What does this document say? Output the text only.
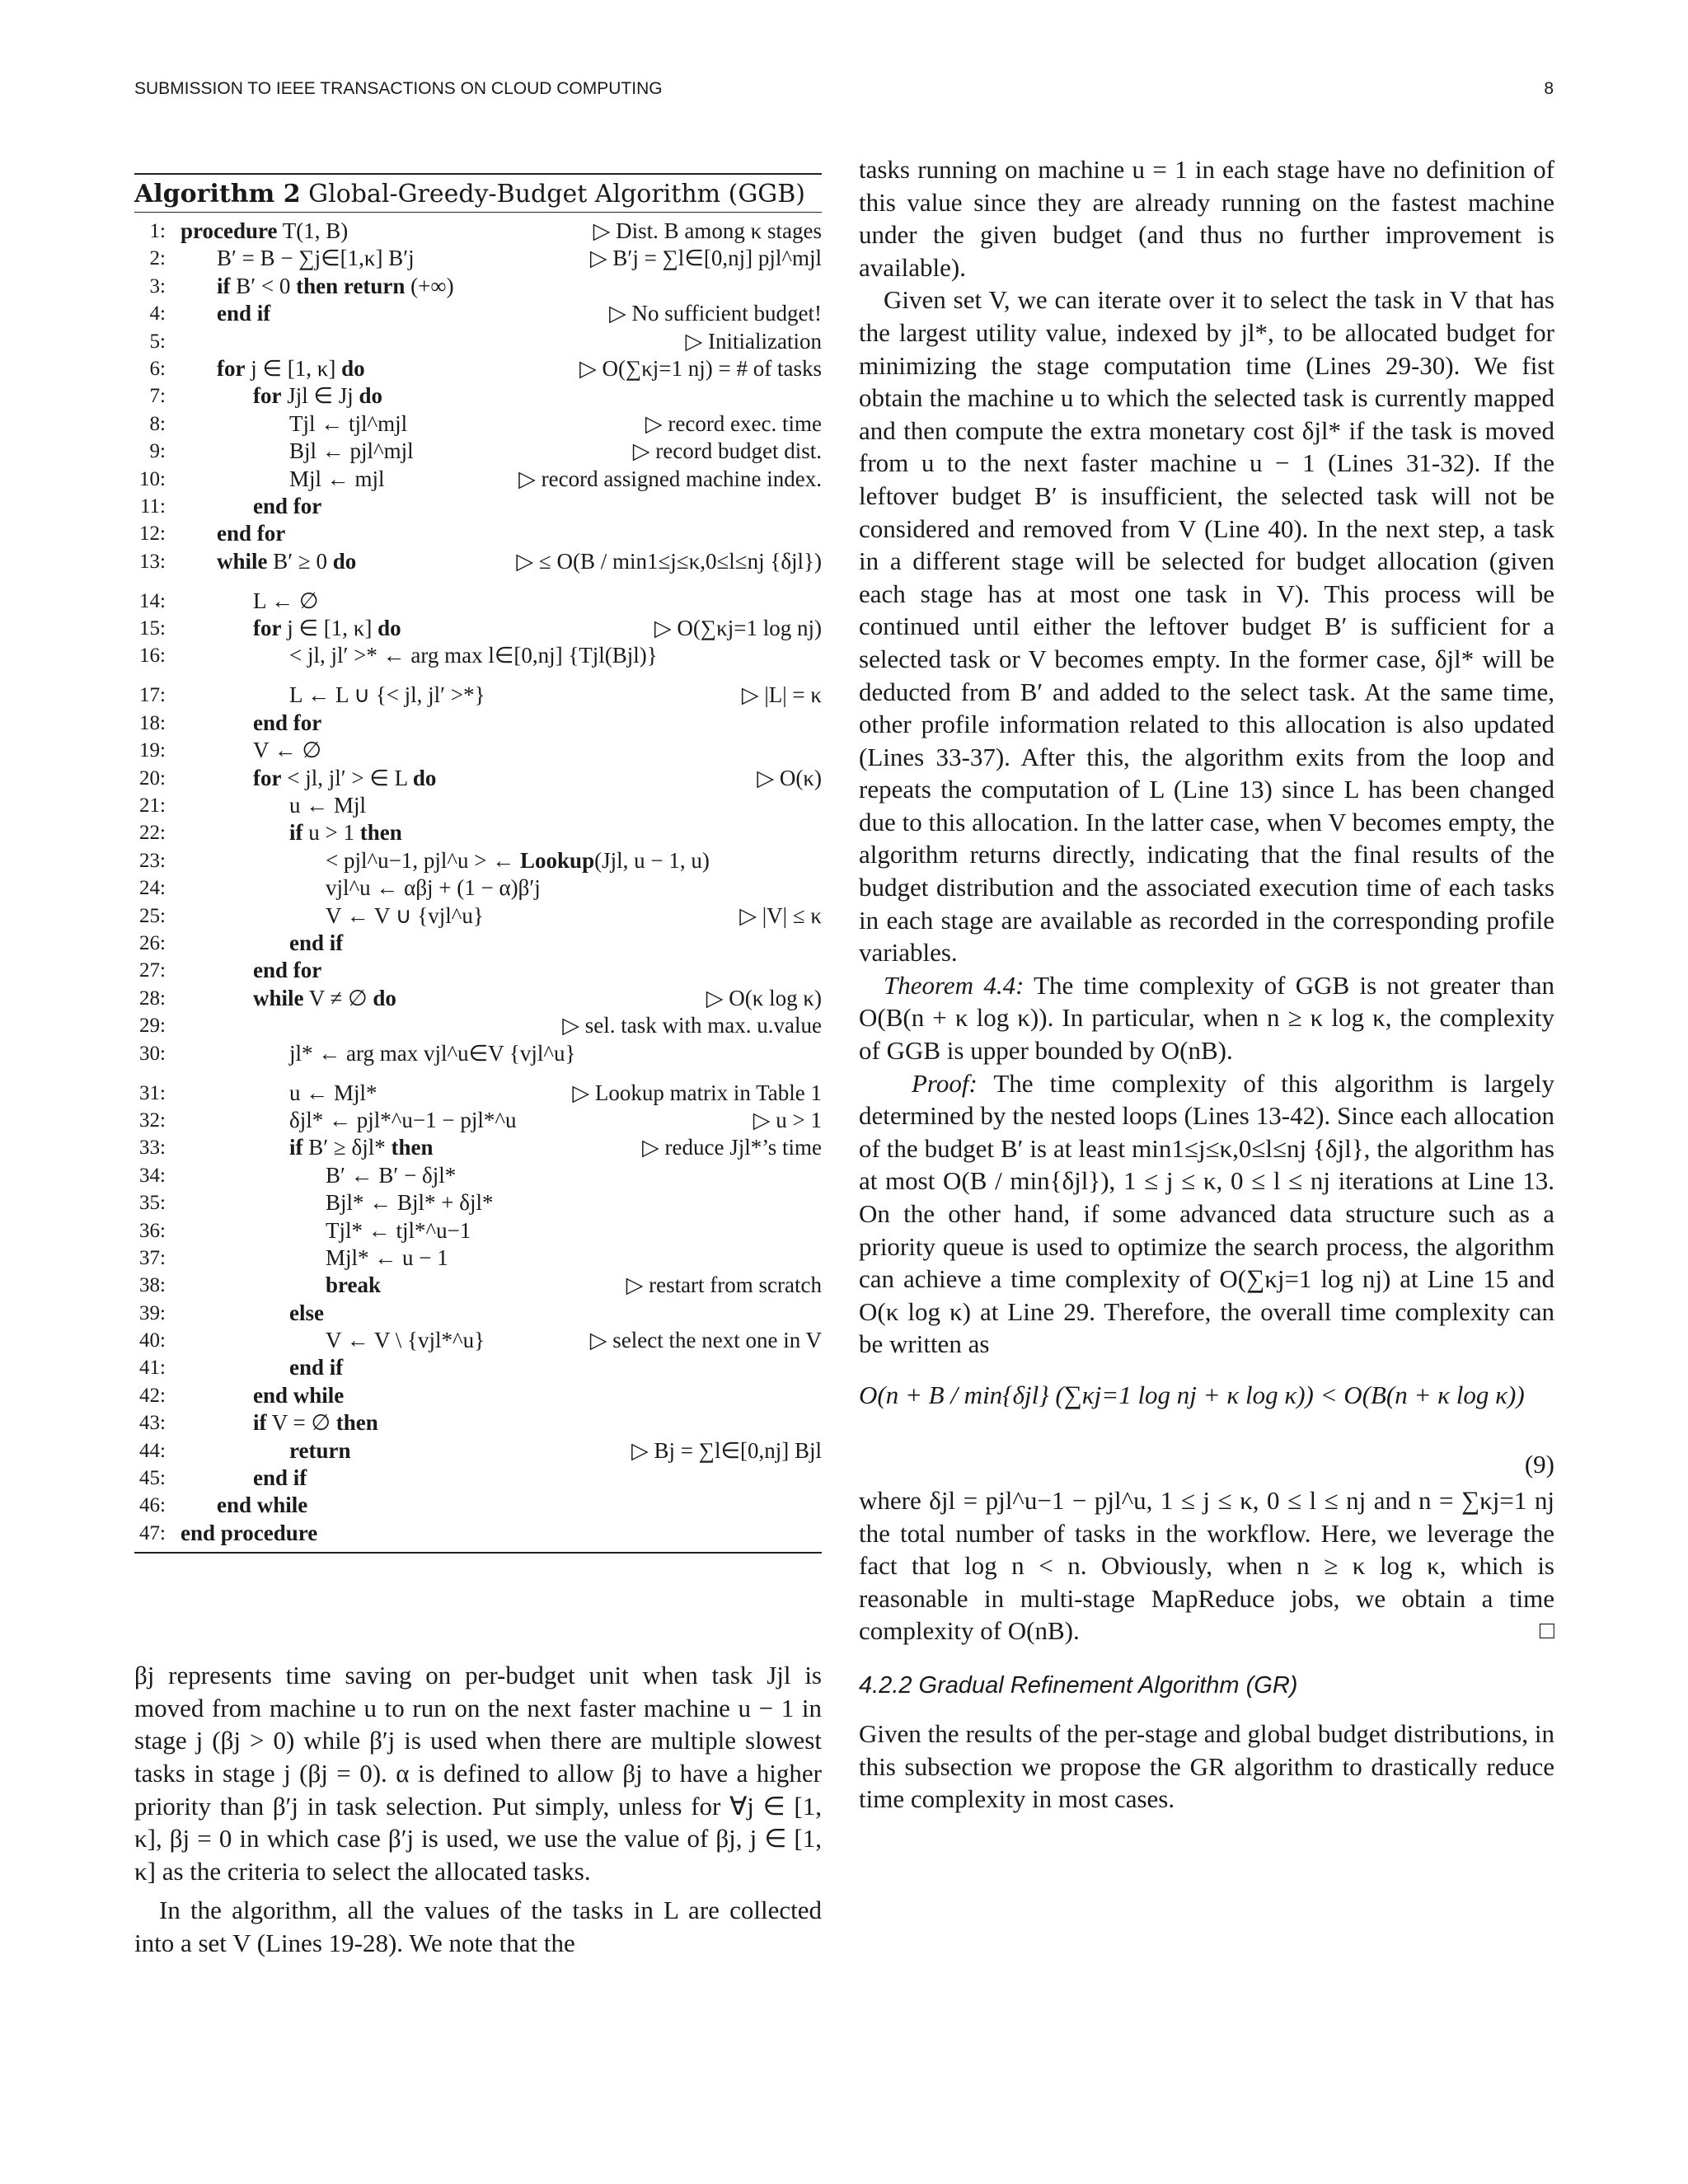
SUBMISSION TO IEEE TRANSACTIONS ON CLOUD COMPUTING	8
Algorithm 2 Global-Greedy-Budget Algorithm (GGB)
1: procedure T(1, B)	▷ Dist. B among κ stages
2: B′ = B − ∑j∈[1,κ] B′j	▷ B′j = ∑l∈[0,nj] pjl^mjl
3: if B′ < 0 then return (+∞)
4: end if	▷ No sufficient budget!
5:	▷ Initialization
6: for j ∈ [1, κ] do	▷ O(∑κj=1 nj) = # of tasks
7:	for Jjl ∈ Jj do
8:	Tjl ← tjl^mjl	▷ record exec. time
9:	Bjl ← pjl^mjl	▷ record budget dist.
10:	Mjl ← mjl	▷ record assigned machine index.
11:	end for
12: end for
13: while B′ ≥ 0 do	▷ ≤ O(B / min1≤j≤κ,0≤l≤nj {δjl})
14:	L ← ∅
15:	for j ∈ [1, κ] do	▷ O(∑κj=1 log nj)
16:	< jl, jl′ >* ← arg max l∈[0,nj] {Tjl(Bjl)}
17:	L ← L ∪ {< jl, jl′ >*}	▷ |L| = κ
18:	end for
19:	V ← ∅
20:	for < jl, jl′ > ∈ L do	▷ O(κ)
21:	u ← Mjl
22:	if u > 1 then
23:	< pjl^u−1, pjl^u > ← Lookup(Jjl, u − 1, u)
24:	vjl^u ← αβj + (1 − α)β′j
25:	V ← V ∪ {vjl^u}	▷ |V| ≤ κ
26:	end if
27:	end for
28:	while V ≠ ∅ do	▷ O(κ log κ)
29:	▷ sel. task with max. u.value
30:	jl* ← arg max vjl^u∈V {vjl^u}
31:	u ← Mjl*	▷ Lookup matrix in Table 1
32:	δjl* ← pjl*^u−1 − pjl*^u	▷ u > 1
33:	if B′ ≥ δjl* then	▷ reduce Jjl*’s time
34:	B′ ← B′ − δjl*
35:	Bjl* ← Bjl* + δjl*
36:	Tjl* ← tjl*^u−1
37:	Mjl* ← u − 1
38:	break	▷ restart from scratch
39:	else
40:	V ← V \ {vjl*^u}	▷ select the next one in V
41:	end if
42:	end while
43:	if V = ∅ then
44:	return	▷ Bj = ∑l∈[0,nj] Bjl
45:	end if
46: end while
47: end procedure

βj represents time saving on per-budget unit when task Jjl is moved from machine u to run on the next faster machine u − 1 in stage j (βj > 0) while β′j is used when there are multiple slowest tasks in stage j (βj = 0). α is defined to allow βj to have a higher priority than β′j in task selection. Put simply, unless for ∀j ∈ [1, κ], βj = 0 in which case β′j is used, we use the value of βj, j ∈ [1, κ] as the criteria to select the allocated tasks.

In the algorithm, all the values of the tasks in L are collected into a set V (Lines 19-28). We note that the

tasks running on machine u = 1 in each stage have no definition of this value since they are already running on the fastest machine under the given budget (and thus no further improvement is available).

Given set V, we can iterate over it to select the task in V that has the largest utility value, indexed by jl*, to be allocated budget for minimizing the stage computation time (Lines 29-30). We fist obtain the machine u to which the selected task is currently mapped and then compute the extra monetary cost δjl* if the task is moved from u to the next faster machine u − 1 (Lines 31-32). If the leftover budget B′ is insufficient, the selected task will not be considered and removed from V (Line 40). In the next step, a task in a different stage will be selected for budget allocation (given each stage has at most one task in V). This process will be continued until either the leftover budget B′ is sufficient for a selected task or V becomes empty. In the former case, δjl* will be deducted from B′ and added to the select task. At the same time, other profile information related to this allocation is also updated (Lines 33-37). After this, the algorithm exits from the loop and repeats the computation of L (Line 13) since L has been changed due to this allocation. In the latter case, when V becomes empty, the algorithm returns directly, indicating that the final results of the budget distribution and the associated execution time of each tasks in each stage are available as recorded in the corresponding profile variables.

Theorem 4.4: The time complexity of GGB is not greater than O(B(n + κ log κ)). In particular, when n ≥ κ log κ, the complexity of GGB is upper bounded by O(nB).

Proof: The time complexity of this algorithm is largely determined by the nested loops (Lines 13-42). Since each allocation of the budget B′ is at least min1≤j≤κ,0≤l≤nj {δjl}, the algorithm has at most O(B / min{δjl}), 1 ≤ j ≤ κ, 0 ≤ l ≤ nj iterations at Line 13. On the other hand, if some advanced data structure such as a priority queue is used to optimize the search process, the algorithm can achieve a time complexity of O(∑κj=1 log nj) at Line 15 and O(κ log κ) at Line 29. Therefore, the overall time complexity can be written as

O(n + B / min{δjl} (∑κj=1 log nj + κ log κ)) < O(B(n + κ log κ))
(9)

where δjl = pjl^u−1 − pjl^u, 1 ≤ j ≤ κ, 0 ≤ l ≤ nj and n = ∑κj=1 nj the total number of tasks in the workflow. Here, we leverage the fact that log n < n. Obviously, when n ≥ κ log κ, which is reasonable in multi-stage MapReduce jobs, we obtain a time complexity of O(nB).	□

4.2.2 Gradual Refinement Algorithm (GR)

Given the results of the per-stage and global budget distributions, in this subsection we propose the GR algorithm to drastically reduce time complexity in most cases.
